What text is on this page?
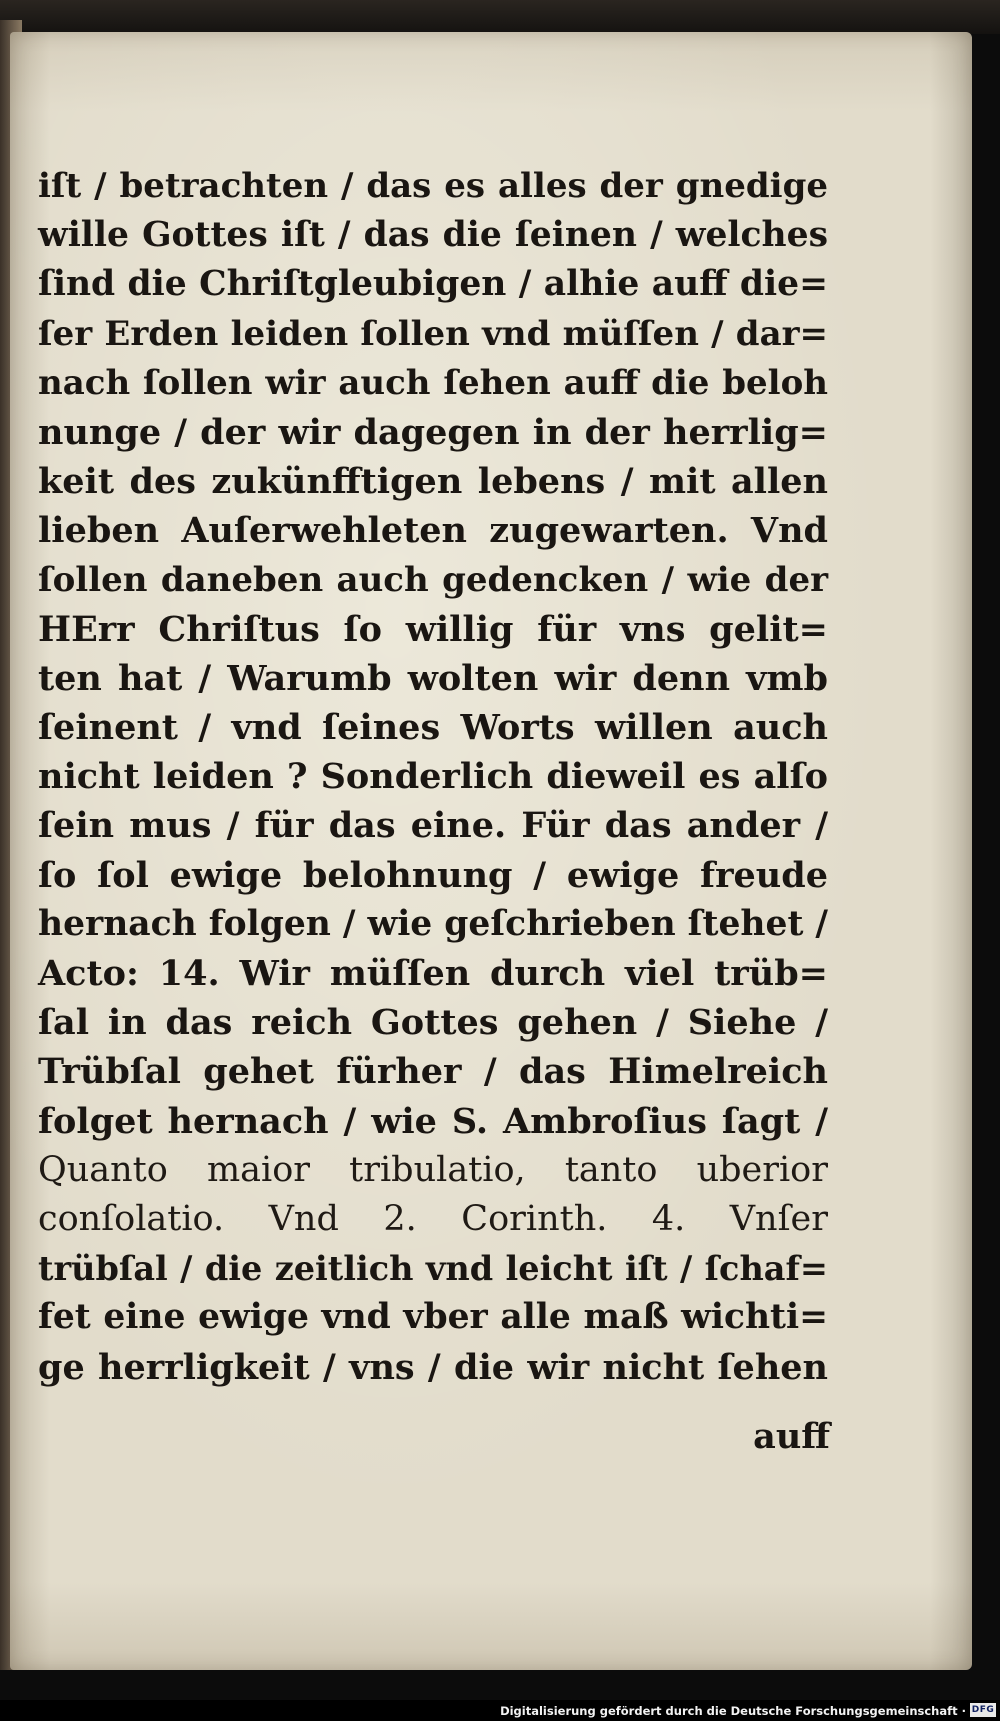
iſt / betrachten / das es alles der gnedige
wille Gottes iſt / das die ſeinen / welches
ſind die Chriſtgleubigen / alhie auff die=
ſer Erden leiden ſollen vnd müſſen / dar=
nach ſollen wir auch ſehen auff die beloh
nunge / der wir dagegen in der herrlig=
keit des zukünfftigen lebens / mit allen
lieben Auſerwehleten zugewarten. Vnd
ſollen daneben auch gedencken / wie der
HErr Chriſtus ſo willig für vns gelit=
ten hat / Warumb wolten wir denn vmb
ſeinent / vnd ſeines Worts willen auch
nicht leiden ? Sonderlich dieweil es alſo
ſein mus / für das eine. Für das ander /
ſo ſol ewige belohnung / ewige freude
hernach folgen / wie geſchrieben ſtehet /
Acto: 14. Wir müſſen durch viel trüb=
ſal in das reich Gottes gehen / Siehe /
Trübſal gehet fürher / das Himelreich
folget hernach / wie S. Ambroſius ſagt /
Quanto maior tribulatio, tanto uberior
conſolatio. Vnd 2. Corinth. 4. Vnſer
trübſal / die zeitlich vnd leicht iſt / ſchaf=
fet eine ewige vnd vber alle maß wichti=
ge herrligkeit / vns / die wir nicht ſehen
auff
Digitalisierung gefördert durch die Deutsche Forschungsgemeinschaft · DFG
